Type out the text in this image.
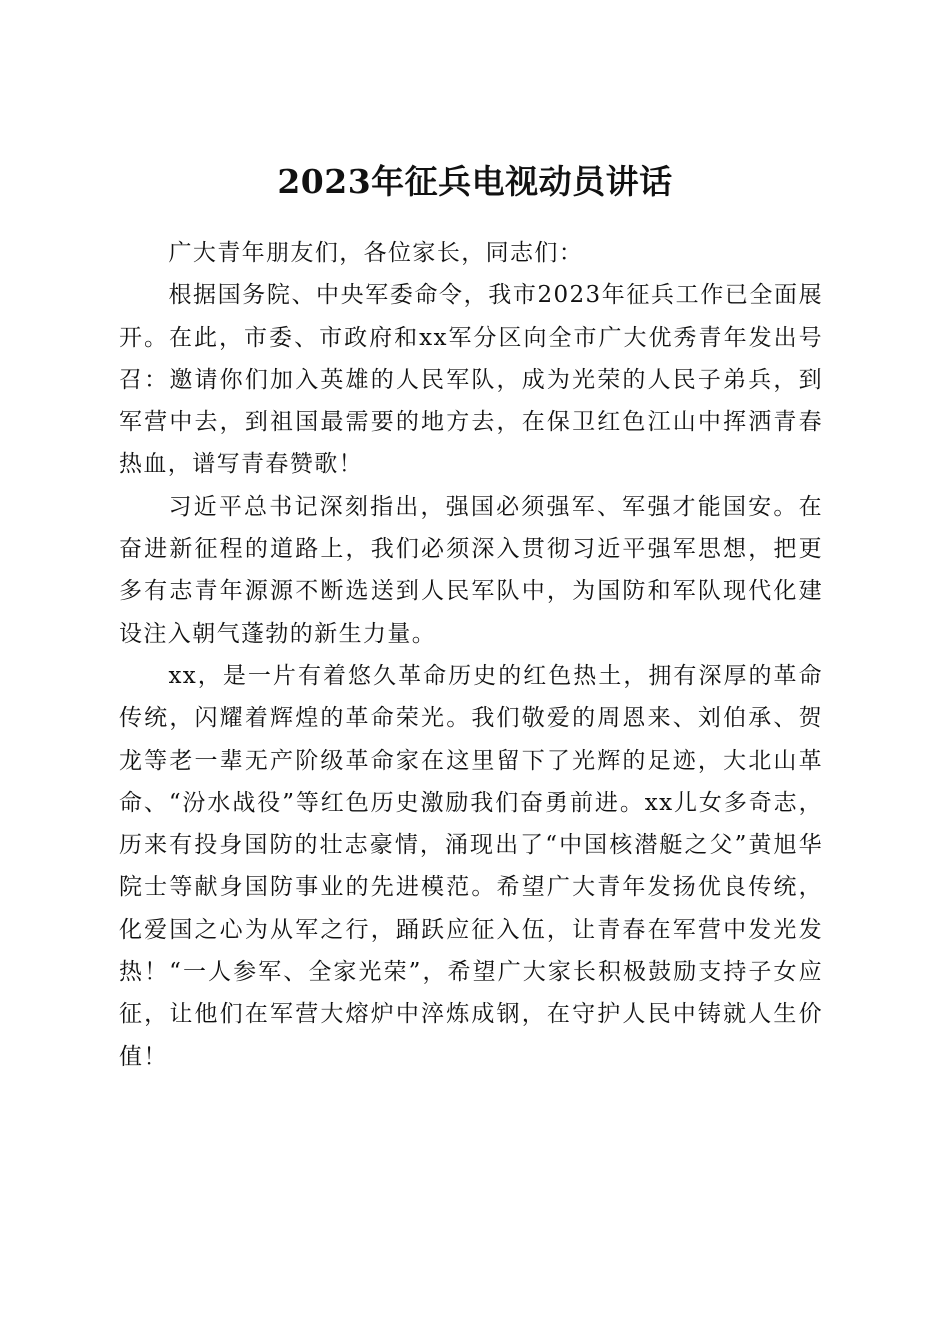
2023年征兵电视动员讲话

广大青年朋友们，各位家长，同志们：

根据国务院、中央军委命令，我市2023年征兵工作已全面展开。在此，市委、市政府和xx军分区向全市广大优秀青年发出号召：邀请你们加入英雄的人民军队，成为光荣的人民子弟兵，到军营中去，到祖国最需要的地方去，在保卫红色江山中挥洒青春热血，谱写青春赞歌！

习近平总书记深刻指出，强国必须强军、军强才能国安。在奋进新征程的道路上，我们必须深入贯彻习近平强军思想，把更多有志青年源源不断选送到人民军队中，为国防和军队现代化建设注入朝气蓬勃的新生力量。

xx，是一片有着悠久革命历史的红色热土，拥有深厚的革命传统，闪耀着辉煌的革命荣光。我们敬爱的周恩来、刘伯承、贺龙等老一辈无产阶级革命家在这里留下了光辉的足迹，大北山革命、“汾水战役”等红色历史激励我们奋勇前进。xx儿女多奇志，历来有投身国防的壮志豪情，涌现出了“中国核潜艇之父”黄旭华院士等献身国防事业的先进模范。希望广大青年发扬优良传统，化爱国之心为从军之行，踊跃应征入伍，让青春在军营中发光发热！“一人参军、全家光荣”，希望广大家长积极鼓励支持子女应征，让他们在军营大熔炉中淬炼成钢，在守护人民中铸就人生价值！
